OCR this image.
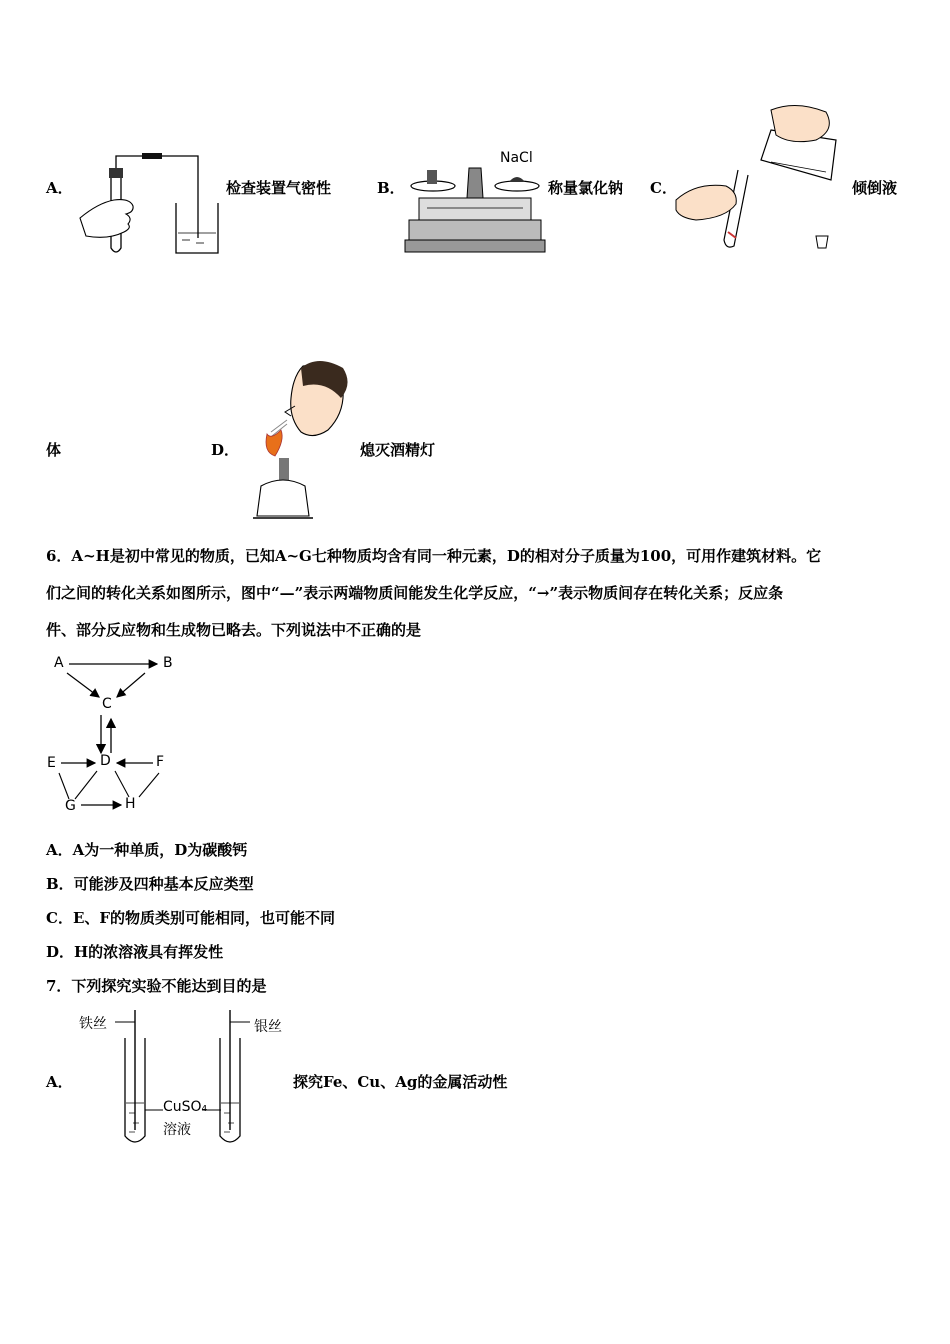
A．	检查装置气密性	B．
NaCl
称量氯化钠 C．	倾倒液
体	D．	熄灭酒精灯
6．A~H是初中常见的物质，已知A~G七种物质均含有同一种元素，D的相对分子质量为100，可用作建筑材料。它
们之间的转化关系如图所示，图中“—”表示两端物质间能发生化学反应，“→”表示物质间存在转化关系；反应条
件、部分反应物和生成物已略去。下列说法中不正确的是
A	B
C
E	D	F
G	H
A．A为一种单质，D为碳酸钙
B．可能涉及四种基本反应类型
C．E、F的物质类别可能相同，也可能不同
D．H的浓溶液具有挥发性
7．下列探究实验不能达到目的是
A．
铁丝	银丝
CuSO₄
溶液
探究Fe、Cu、Ag的金属活动性
